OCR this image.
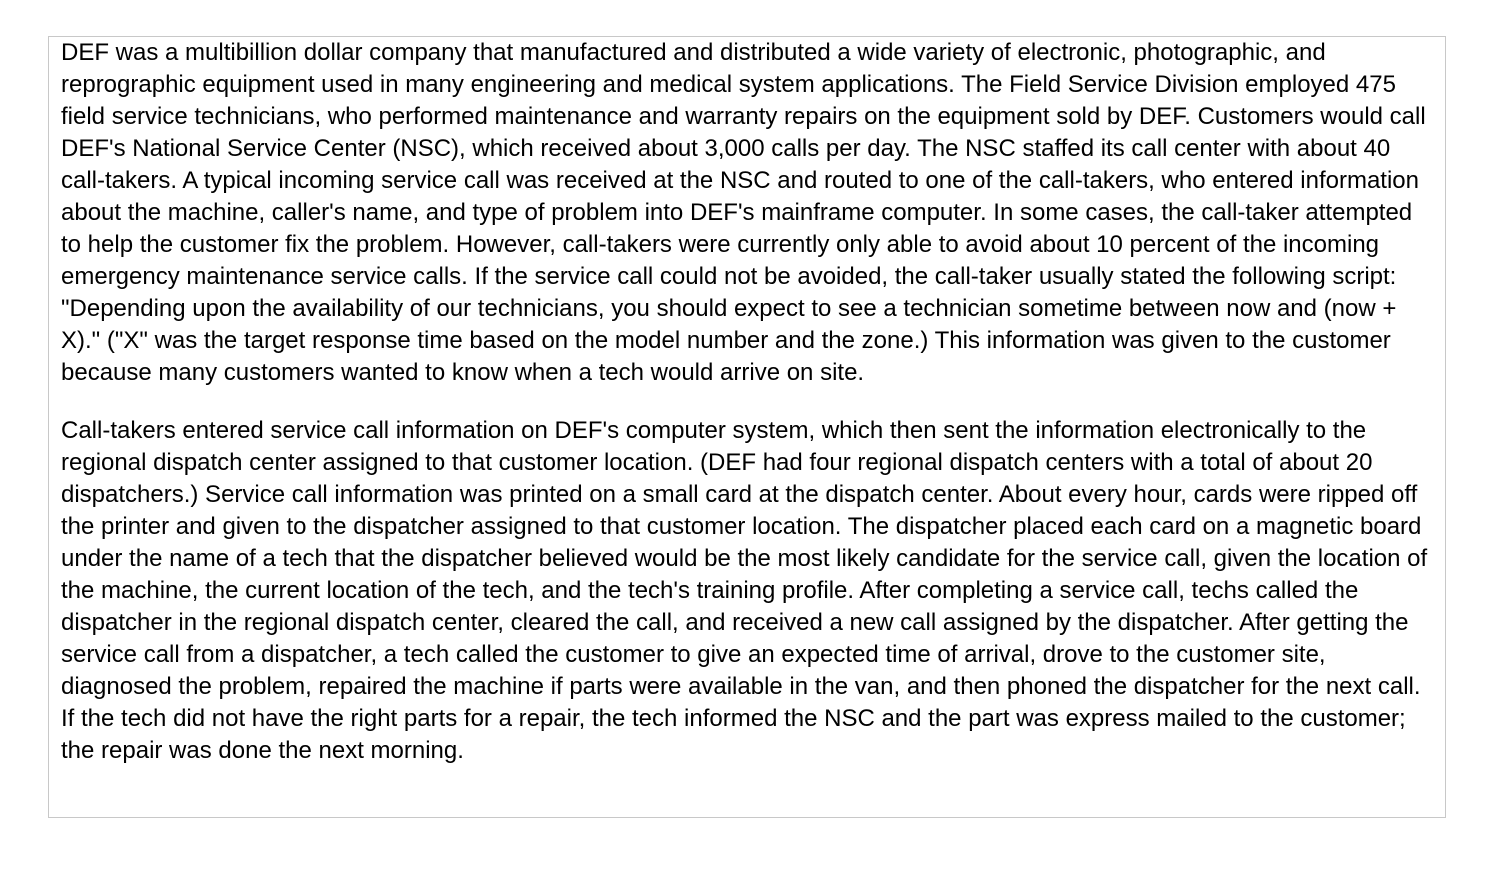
DEF was a multibillion dollar company that manufactured and distributed a wide variety of electronic, photographic, and reprographic equipment used in many engineering and medical system applications. The Field Service Division employed 475 field service technicians, who performed maintenance and warranty repairs on the equipment sold by DEF. Customers would call DEF's National Service Center (NSC), which received about 3,000 calls per day. The NSC staffed its call center with about 40 call-takers. A typical incoming service call was received at the NSC and routed to one of the call-takers, who entered information about the machine, caller's name, and type of problem into DEF's mainframe computer. In some cases, the call-taker attempted to help the customer fix the problem. However, call-takers were currently only able to avoid about 10 percent of the incoming emergency maintenance service calls. If the service call could not be avoided, the call-taker usually stated the following script: "Depending upon the availability of our technicians, you should expect to see a technician sometime between now and (now + X)." ("X" was the target response time based on the model number and the zone.) This information was given to the customer because many customers wanted to know when a tech would arrive on site.

Call-takers entered service call information on DEF's computer system, which then sent the information electronically to the regional dispatch center assigned to that customer location. (DEF had four regional dispatch centers with a total of about 20 dispatchers.) Service call information was printed on a small card at the dispatch center. About every hour, cards were ripped off the printer and given to the dispatcher assigned to that customer location. The dispatcher placed each card on a magnetic board under the name of a tech that the dispatcher believed would be the most likely candidate for the service call, given the location of the machine, the current location of the tech, and the tech's training profile. After completing a service call, techs called the dispatcher in the regional dispatch center, cleared the call, and received a new call assigned by the dispatcher. After getting the service call from a dispatcher, a tech called the customer to give an expected time of arrival, drove to the customer site, diagnosed the problem, repaired the machine if parts were available in the van, and then phoned the dispatcher for the next call. If the tech did not have the right parts for a repair, the tech informed the NSC and the part was express mailed to the customer; the repair was done the next morning.
